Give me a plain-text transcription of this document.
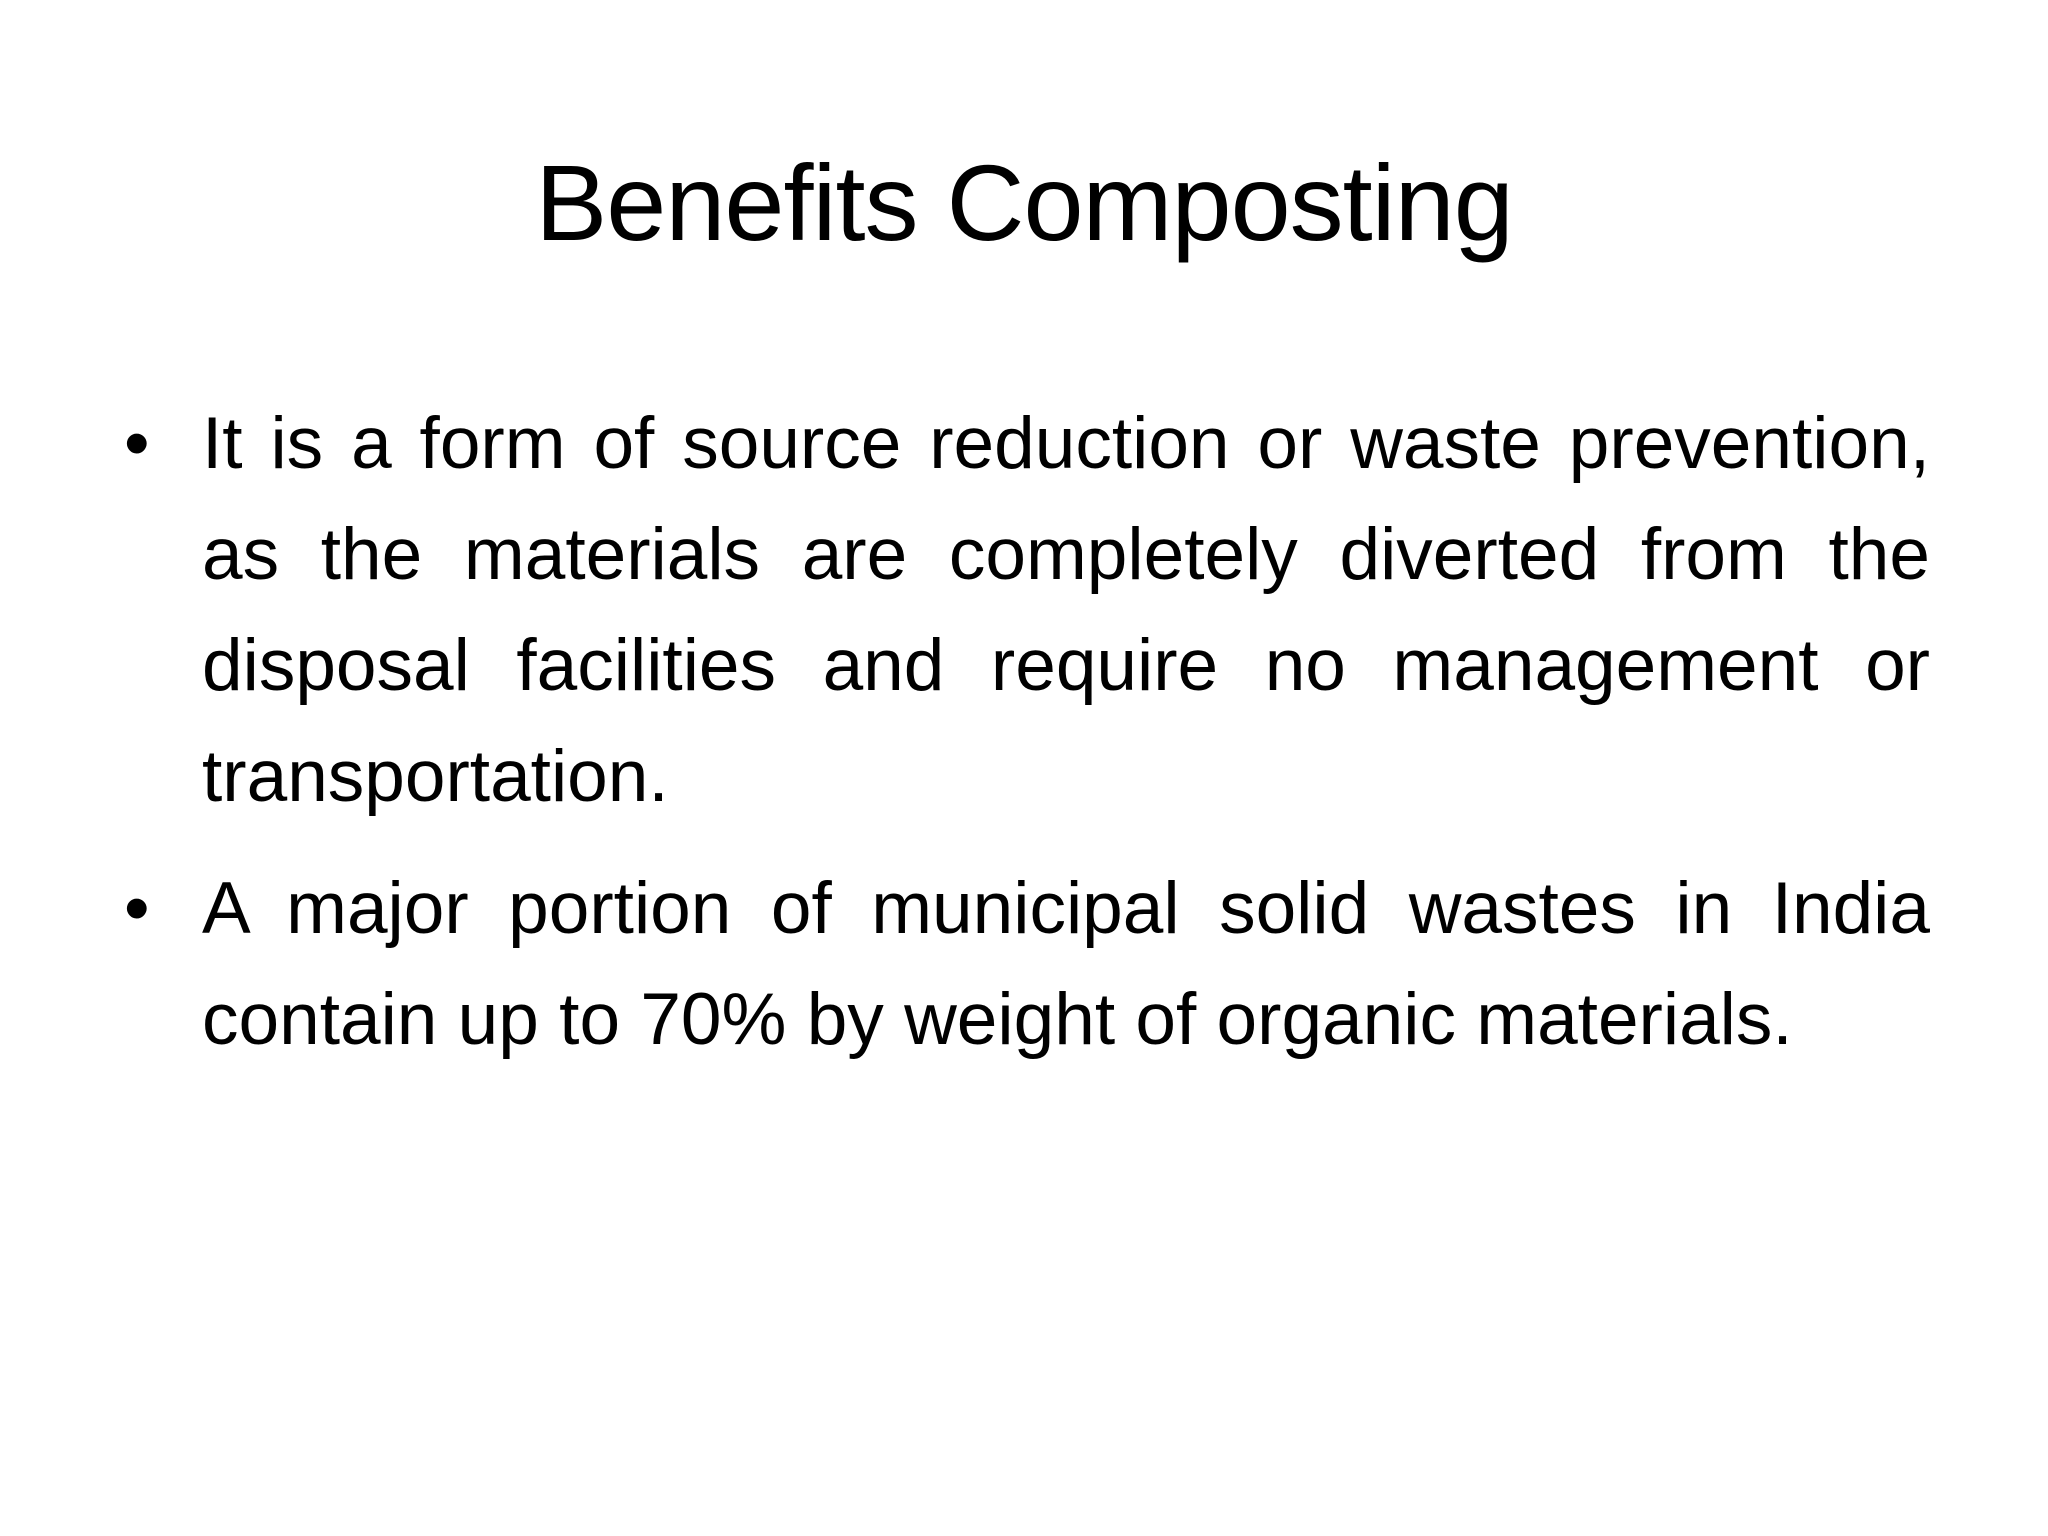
Benefits Composting
• It is a form of source reduction or waste prevention, as the materials are completely diverted from the disposal facilities and require no management or transportation.
• A major portion of municipal solid wastes in India contain up to 70% by weight of organic materials.
